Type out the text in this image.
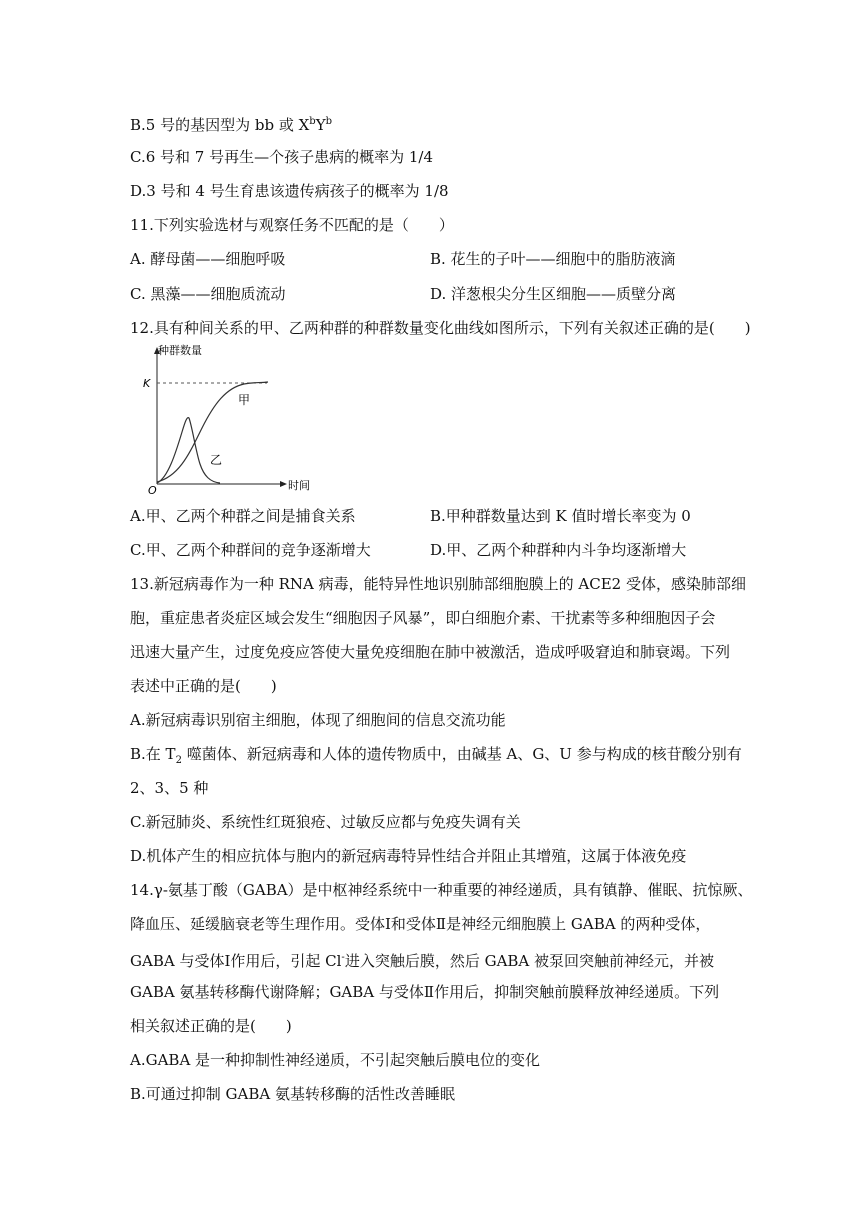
B.5 号的基因型为 bb 或 $X^bY^b$
C.6 号和 7 号再生—个孩子患病的概率为 1/4
D.3 号和 4 号生育患该遗传病孩子的概率为 1/8
11.下列实验选材与观察任务不匹配的是（　　）
A. 酵母菌——细胞呼吸	B. 花生的子叶——细胞中的脂肪液滴
C. 黑藻——细胞质流动	D. 洋葱根尖分生区细胞——质壁分离
12.具有种间关系的甲、乙两种群的种群数量变化曲线如图所示，下列有关叙述正确的是(　　)
种群数量
K
O	时间
甲
乙
A.甲、乙两个种群之间是捕食关系	B.甲种群数量达到 K 值时增长率变为 0
C.甲、乙两个种群间的竞争逐渐增大	D.甲、乙两个种群种内斗争均逐渐增大
13.新冠病毒作为一种 RNA 病毒，能特异性地识别肺部细胞膜上的 ACE2 受体，感染肺部细
胞，重症患者炎症区域会发生“细胞因子风暴”，即白细胞介素、干扰素等多种细胞因子会
迅速大量产生，过度免疫应答使大量免疫细胞在肺中被激活，造成呼吸窘迫和肺衰竭。下列
表述中正确的是(　　)
A.新冠病毒识别宿主细胞，体现了细胞间的信息交流功能
B.在 $T_2$ 噬菌体、新冠病毒和人体的遗传物质中，由碱基 A、G、U 参与构成的核苷酸分别有
2、3、5 种
C.新冠肺炎、系统性红斑狼疮、过敏反应都与免疫失调有关
D.机体产生的相应抗体与胞内的新冠病毒特异性结合并阻止其增殖，这属于体液免疫
14.γ-氨基丁酸（GABA）是中枢神经系统中一种重要的神经递质，具有镇静、催眠、抗惊厥、
降血压、延缓脑衰老等生理作用。受体Ⅰ和受体Ⅱ是神经元细胞膜上 GABA 的两种受体，
GABA 与受体Ⅰ作用后，引起 Cl-进入突触后膜，然后 GABA 被泵回突触前神经元，并被
GABA 氨基转移酶代谢降解；GABA 与受体Ⅱ作用后，抑制突触前膜释放神经递质。下列
相关叙述正确的是(　　)
A.GABA 是一种抑制性神经递质，不引起突触后膜电位的变化
B.可通过抑制 GABA 氨基转移酶的活性改善睡眠
